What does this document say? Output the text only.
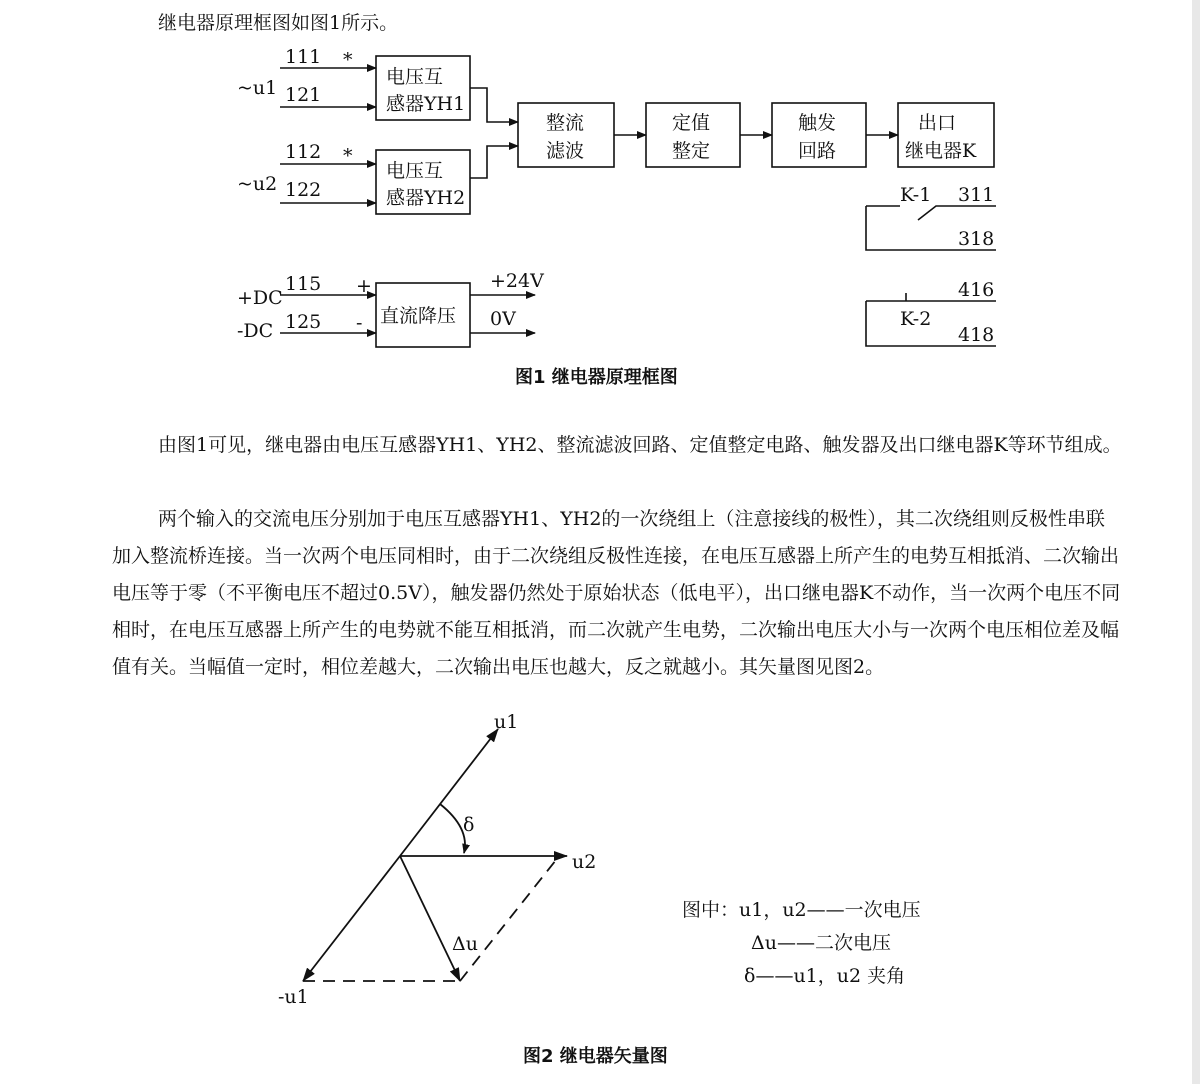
继电器原理框图如图1所示。
~u1
111
121
*
~u2
112
122
*
电压互
感器YH1
电压互
感器YH2
整流
滤波
定值
整定
触发
回路
出口
继电器K
K-1 311
318
K-2
416
418
+DC
115 +
-DC 125 - 直流降压
+24V
0V
图1 继电器原理框图

由图1可见，继电器由电压互感器YH1、YH2、整流滤波回路、定值整定电路、触发器及出口继电器K等环节组成。

两个输入的交流电压分别加于电压互感器YH1、YH2的一次绕组上（注意接线的极性），其二次绕组则反极性串联加入整流桥连接。当一次两个电压同相时，由于二次绕组反极性连接，在电压互感器上所产生的电势互相抵消、二次输出电压等于零（不平衡电压不超过0.5V），触发器仍然处于原始状态（低电平），出口继电器K不动作，当一次两个电压不同相时，在电压互感器上所产生的电势就不能互相抵消，而二次就产生电势，二次输出电压大小与一次两个电压相位差及幅值有关。当幅值一定时，相位差越大，二次输出电压也越大，反之就越小。其矢量图见图2。

u1
u2
-u1
δ
Δu
图中：u1，u2——一次电压
Δu——二次电压
δ——u1，u2 夹角
图2 继电器矢量图
